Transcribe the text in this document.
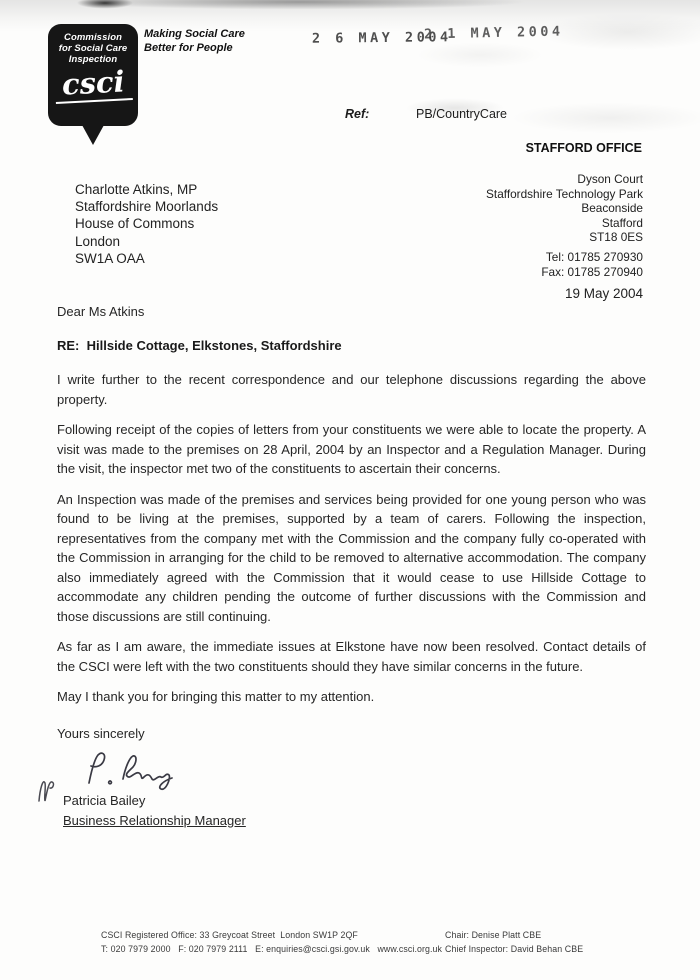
Commission
for Social Care
Inspection
csci
Making Social Care
Better for People
2 6 MAY 2004
2 1 MAY 2004
Ref:	PB/CountryCare
STAFFORD OFFICE
Charlotte Atkins, MP
Staffordshire Moorlands
House of Commons
London
SW1A OAA
Dyson Court
Staffordshire Technology Park
Beaconside
Stafford
ST18 0ES
Tel: 01785 270930
Fax: 01785 270940
19 May 2004

Dear Ms Atkins

RE:  Hillside Cottage, Elkstones, Staffordshire

I write further to the recent correspondence and our telephone discussions regarding the above property.

Following receipt of the copies of letters from your constituents we were able to locate the property. A visit was made to the premises on 28 April, 2004 by an Inspector and a Regulation Manager. During the visit, the inspector met two of the constituents to ascertain their concerns.

An Inspection was made of the premises and services being provided for one young person who was found to be living at the premises, supported by a team of carers. Following the inspection, representatives from the company met with the Commission and the company fully co-operated with the Commission in arranging for the child to be removed to alternative accommodation. The company also immediately agreed with the Commission that it would cease to use Hillside Cottage to accommodate any children pending the outcome of further discussions with the Commission and those discussions are still continuing.

As far as I am aware, the immediate issues at Elkstone have now been resolved. Contact details of the CSCI were left with the two constituents should they have similar concerns in the future.

May I thank you for bringing this matter to my attention.

Yours sincerely

Patricia Bailey
Business Relationship Manager
CSCI Registered Office: 33 Greycoat Street  London SW1P 2QF
T: 020 7979 2000   F: 020 7979 2111   E: enquiries@csci.gsi.gov.uk   www.csci.org.uk
Chair: Denise Platt CBE
Chief Inspector: David Behan CBE
